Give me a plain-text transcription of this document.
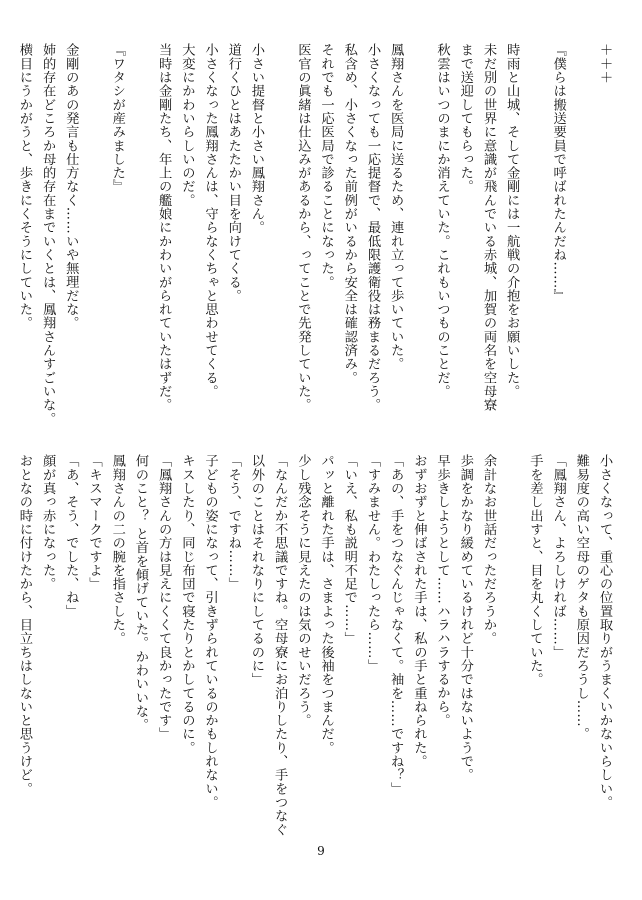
＋＋＋

『僕らは搬送要員で呼ばれたんだね……』

時雨と山城、そして金剛には一航戦の介抱をお願いした。
未だ別の世界に意識が飛んでいる赤城、加賀の両名を空母寮
まで送迎してもらった。
秋雲はいつのまにか消えていた。これもいつものことだ。

鳳翔さんを医局に送るため、連れ立って歩いていた。
小さくなっても一応提督で、最低限護衛役は務まるだろう。
私含め、小さくなった前例がいるから安全は確認済み。
それでも一応医局で診ることになった。
医官の眞緒は仕込みがあるから、ってことで先発していた。

小さい提督と小さい鳳翔さん。
道行くひとはあたたかい目を向けてくる。
小さくなった鳳翔さんは、守らなくちゃと思わせてくる。
大変にかわいらしいのだ。
当時は金剛たち、年上の艦娘にかわいがられていたはずだ。

『ワタシが産みました』

金剛のあの発言も仕方なく……いや無理だな。
姉的存在どころか母的存在までいくとは、鳳翔さんすごいな。
横目にうかがうと、歩きにくそうにしていた。
小さくなって、重心の位置取りがうまくいかないらしい。
難易度の高い空母のゲタも原因だろうし……。
「鳳翔さん、よろしければ……」
手を差し出すと、目を丸くしていた。

余計なお世話だっただろうか。
歩調をかなり緩めているけれど十分ではないようで。
早歩きしようとして……ハラハラするから。
おずおずと伸ばされた手は、私の手と重ねられた。
「あの、手をつなぐんじゃなくて。袖を……ですね？」
「すみません。わたしったら……」
「いえ、私も説明不足で……」
パッと離れた手は、さまよった後袖をつまんだ。
少し残念そうに見えたのは気のせいだろう。
「なんだか不思議ですね。空母寮にお泊りしたり、手をつなぐ
以外のことはそれなりにしてるのに」
「そう、ですね……」
子どもの姿になって、引きずられているのかもしれない。
キスしたり、同じ布団で寝たりとかしてるのに。
「鳳翔さんの方は見えにくくて良かったです」
何のこと？ と首を傾げていた。かわいいな。
鳳翔さんの二の腕を指さした。
「キスマークですよ」
「あ、そう、でした、ね」
顔が真っ赤になった。
おとなの時に付けたから、目立ちはしないと思うけど。
9
